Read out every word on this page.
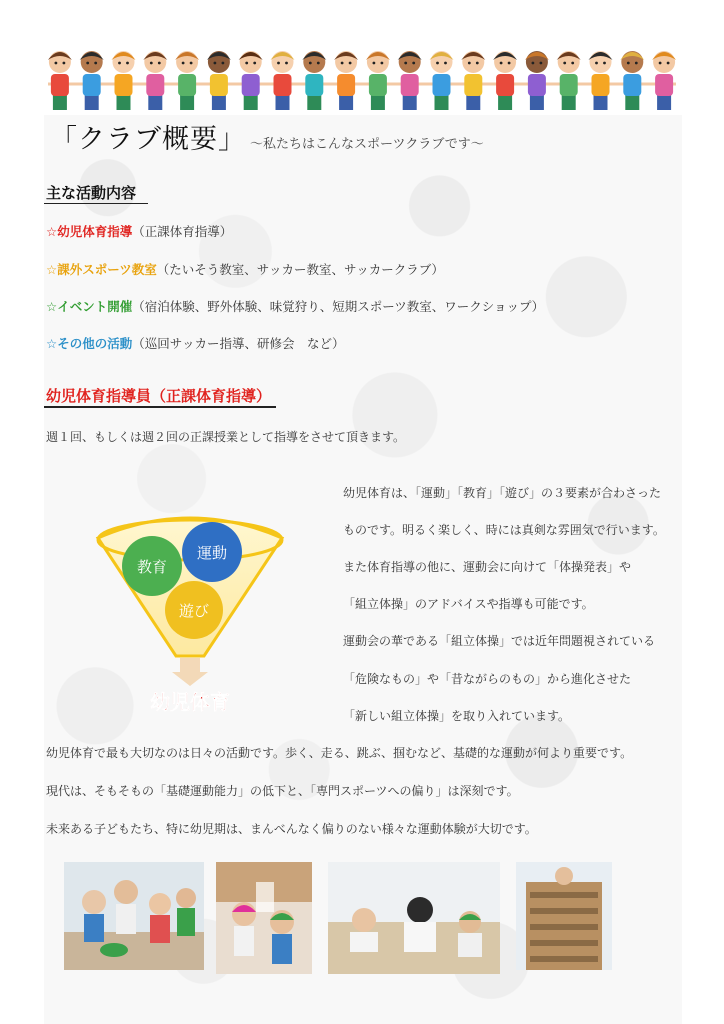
「クラブ概要」 ～私たちはこんなスポーツクラブです～
主な活動内容
☆幼児体育指導（正課体育指導）
☆課外スポーツ教室（たいそう教室、サッカー教室、サッカークラブ）
☆イベント開催（宿泊体験、野外体験、味覚狩り、短期スポーツ教室、ワークショップ）
☆その他の活動（巡回サッカー指導、研修会　など）
幼児体育指導員（正課体育指導）
週１回、もしくは週２回の正課授業として指導をさせて頂きます。
教育
運動
遊び
幼児体育
幼児体育は、「運動」「教育」「遊び」の３要素が合わさった
ものです。明るく楽しく、時には真剣な雰囲気で行います。
また体育指導の他に、運動会に向けて「体操発表」や
「組立体操」のアドバイスや指導も可能です。
運動会の華である「組立体操」では近年問題視されている
「危険なもの」や「昔ながらのもの」から進化させた
「新しい組立体操」を取り入れています。
幼児体育で最も大切なのは日々の活動です。歩く、走る、跳ぶ、掴むなど、基礎的な運動が何より重要です。
現代は、そもそもの「基礎運動能力」の低下と、「専門スポーツへの偏り」は深刻です。
未来ある子どもたち、特に幼児期は、まんべんなく偏りのない様々な運動体験が大切です。
